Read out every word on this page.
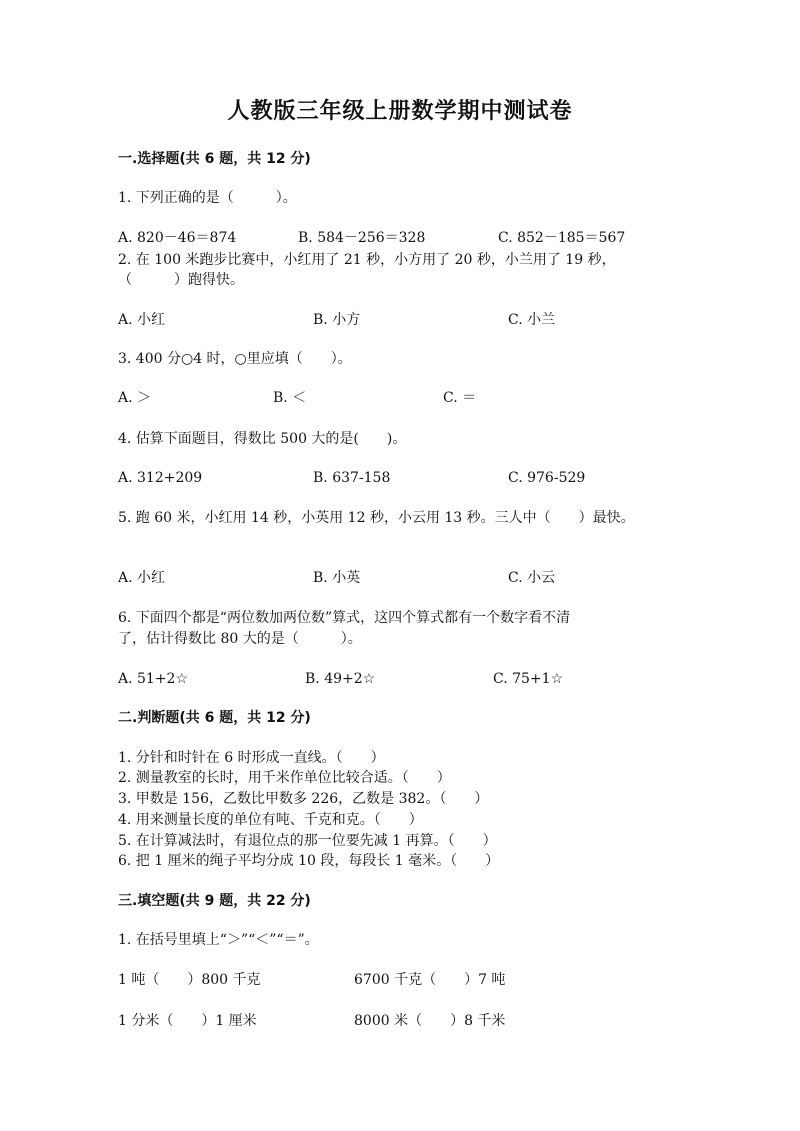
人教版三年级上册数学期中测试卷
一.选择题(共 6 题，共 12 分)
1. 下列正确的是（　　　）。
A. 820－46＝874	B. 584－256＝328	C. 852－185＝567
2. 在 100 米跑步比赛中，小红用了 21 秒，小方用了 20 秒，小兰用了 19 秒，
（　　　）跑得快。
A. 小红	B. 小方	C. 小兰
3. 400 分○4 时，○里应填（　　）。
A. ＞	B. ＜	C. ＝
4. 估算下面题目，得数比 500 大的是(　　)。
A. 312+209	B. 637-158	C. 976-529
5. 跑 60 米，小红用 14 秒，小英用 12 秒，小云用 13 秒。三人中（　　）最快。
A. 小红	B. 小英	C. 小云
6. 下面四个都是“两位数加两位数”算式，这四个算式都有一个数字看不清
了，估计得数比 80 大的是（　　　）。
A. 51+2☆	B. 49+2☆	C. 75+1☆
二.判断题(共 6 题，共 12 分)
1. 分针和时针在 6 时形成一直线。（　　）
2. 测量教室的长时，用千米作单位比较合适。（　　）
3. 甲数是 156，乙数比甲数多 226，乙数是 382。（　　）
4. 用来测量长度的单位有吨、千克和克。（　　）
5. 在计算减法时，有退位点的那一位要先减 1 再算。（　　）
6. 把 1 厘米的绳子平均分成 10 段，每段长 1 毫米。（　　）
三.填空题(共 9 题，共 22 分)
1. 在括号里填上“＞”“＜”“＝”。
1 吨（　　）800 千克	6700 千克（　　）7 吨
1 分米（　　）1 厘米	8000 米（　　）8 千米
